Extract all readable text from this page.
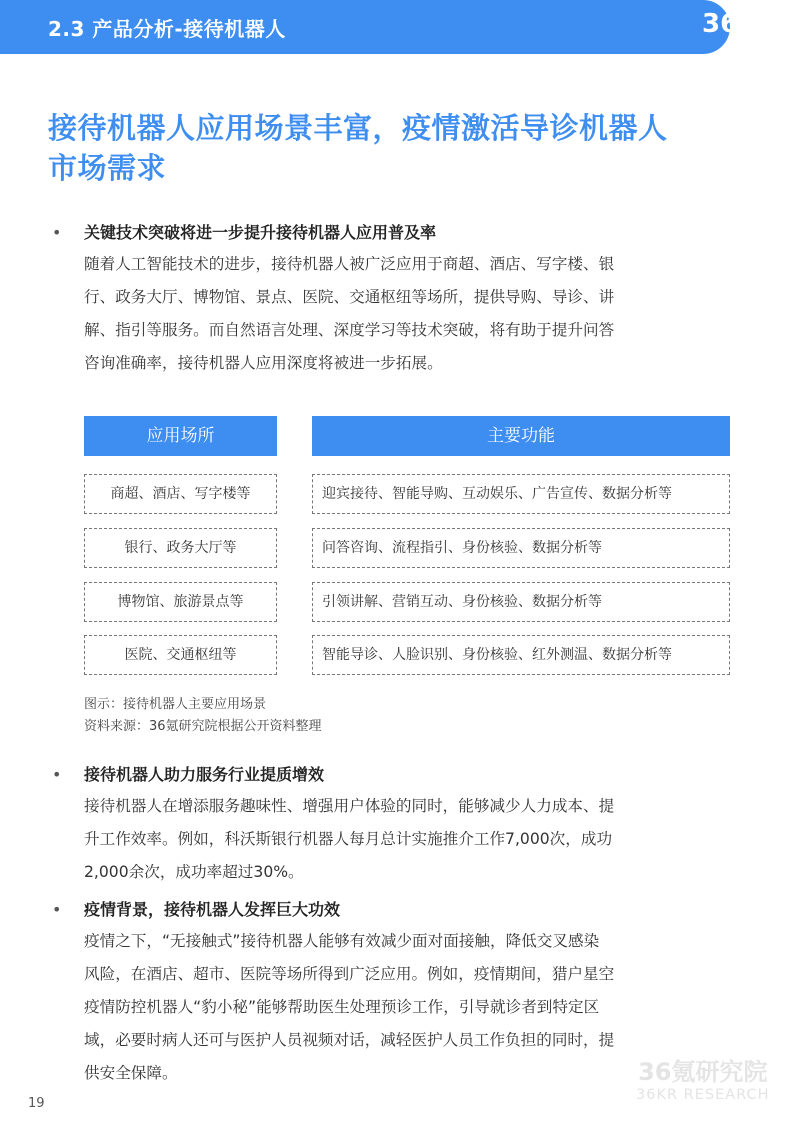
2.3 产品分析-接待机器人	36 Kr
接待机器人应用场景丰富，疫情激活导诊机器人
市场需求
• 关键技术突破将进一步提升接待机器人应用普及率
随着人工智能技术的进步，接待机器人被广泛应用于商超、酒店、写字楼、银
行、政务大厅、博物馆、景点、医院、交通枢纽等场所，提供导购、导诊、讲
解、指引等服务。而自然语言处理、深度学习等技术突破，将有助于提升问答
咨询准确率，接待机器人应用深度将被进一步拓展。
应用场所	主要功能
商超、酒店、写字楼等	迎宾接待、智能导购、互动娱乐、广告宣传、数据分析等
银行、政务大厅等	问答咨询、流程指引、身份核验、数据分析等
博物馆、旅游景点等	引领讲解、营销互动、身份核验、数据分析等
医院、交通枢纽等	智能导诊、人脸识别、身份核验、红外测温、数据分析等
图示：接待机器人主要应用场景
资料来源：36氪研究院根据公开资料整理
• 接待机器人助力服务行业提质增效
接待机器人在增添服务趣味性、增强用户体验的同时，能够减少人力成本、提
升工作效率。例如，科沃斯银行机器人每月总计实施推介工作7,000次，成功
2,000余次，成功率超过30%。
• 疫情背景，接待机器人发挥巨大功效
疫情之下，“无接触式”接待机器人能够有效减少面对面接触，降低交叉感染
风险，在酒店、超市、医院等场所得到广泛应用。例如，疫情期间，猎户星空
疫情防控机器人“豹小秘”能够帮助医生处理预诊工作，引导就诊者到特定区
域，必要时病人还可与医护人员视频对话，减轻医护人员工作负担的同时，提
供安全保障。	36氪研究院
36KR RESEARCH
19
